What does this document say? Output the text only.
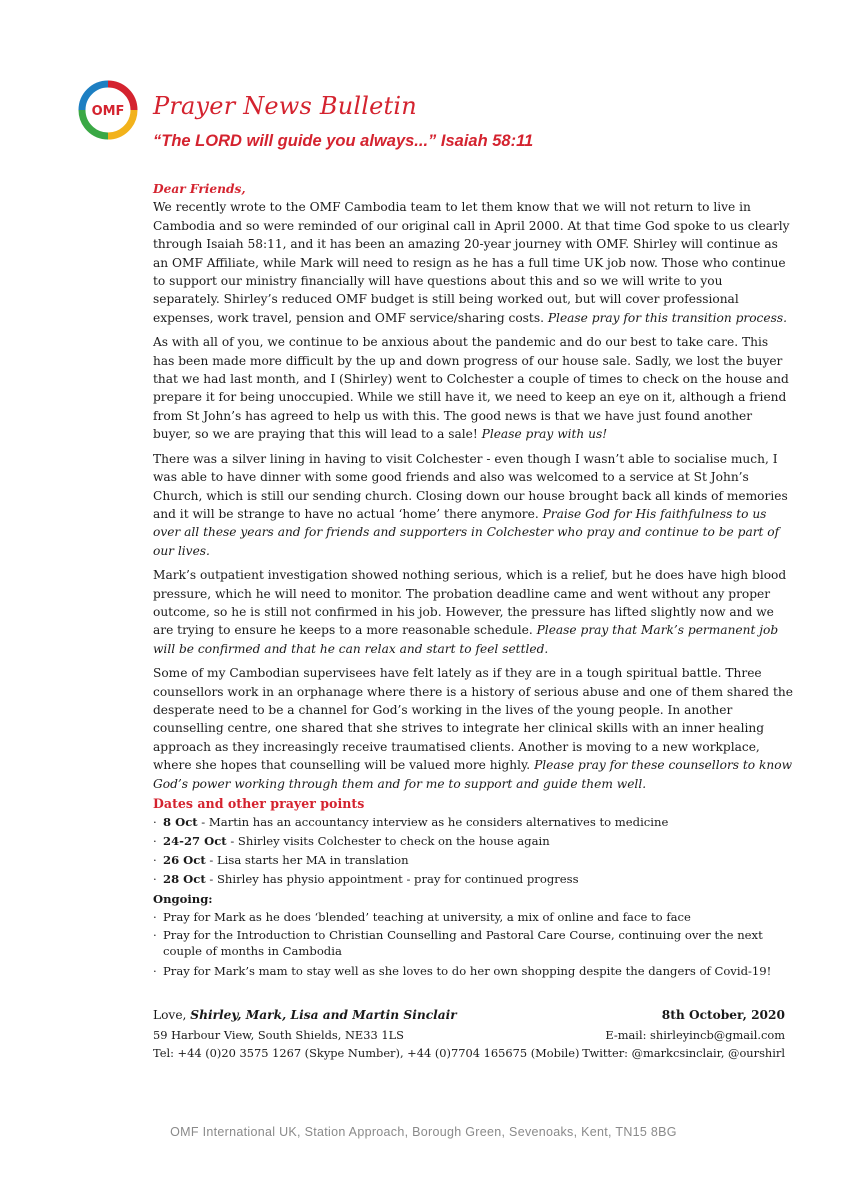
OMF Prayer News Bulletin
“The LORD will guide you always...” Isaiah 58:11

Dear Friends,

We recently wrote to the OMF Cambodia team to let them know that we will not return to live in Cambodia and so were reminded of our original call in April 2000. At that time God spoke to us clearly through Isaiah 58:11, and it has been an amazing 20-year journey with OMF. Shirley will continue as an OMF Affiliate, while Mark will need to resign as he has a full time UK job now. Those who continue to support our ministry financially will have questions about this and so we will write to you separately. Shirley’s reduced OMF budget is still being worked out, but will cover professional expenses, work travel, pension and OMF service/sharing costs. Please pray for this transition process.

As with all of you, we continue to be anxious about the pandemic and do our best to take care. This has been made more difficult by the up and down progress of our house sale. Sadly, we lost the buyer that we had last month, and I (Shirley) went to Colchester a couple of times to check on the house and prepare it for being unoccupied. While we still have it, we need to keep an eye on it, although a friend from St John’s has agreed to help us with this. The good news is that we have just found another buyer, so we are praying that this will lead to a sale! Please pray with us!

There was a silver lining in having to visit Colchester - even though I wasn’t able to socialise much, I was able to have dinner with some good friends and also was welcomed to a service at St John’s Church, which is still our sending church. Closing down our house brought back all kinds of memories and it will be strange to have no actual ‘home’ there anymore. Praise God for His faithfulness to us over all these years and for friends and supporters in Colchester who pray and continue to be part of our lives.

Mark’s outpatient investigation showed nothing serious, which is a relief, but he does have high blood pressure, which he will need to monitor. The probation deadline came and went without any proper outcome, so he is still not confirmed in his job. However, the pressure has lifted slightly now and we are trying to ensure he keeps to a more reasonable schedule. Please pray that Mark’s permanent job will be confirmed and that he can relax and start to feel settled.

Some of my Cambodian supervisees have felt lately as if they are in a tough spiritual battle. Three counsellors work in an orphanage where there is a history of serious abuse and one of them shared the desperate need to be a channel for God’s working in the lives of the young people. In another counselling centre, one shared that she strives to integrate her clinical skills with an inner healing approach as they increasingly receive traumatised clients. Another is moving to a new workplace, where she hopes that counselling will be valued more highly. Please pray for these counsellors to know God’s power working through them and for me to support and guide them well.

Dates and other prayer points

· 8 Oct - Martin has an accountancy interview as he considers alternatives to medicine
· 24-27 Oct - Shirley visits Colchester to check on the house again
· 26 Oct - Lisa starts her MA in translation
· 28 Oct - Shirley has physio appointment - pray for continued progress

Ongoing:

· Pray for Mark as he does ‘blended’ teaching at university, a mix of online and face to face
· Pray for the Introduction to Christian Counselling and Pastoral Care Course, continuing over the next couple of months in Cambodia
· Pray for Mark’s mam to stay well as she loves to do her own shopping despite the dangers of Covid-19!
Love, Shirley, Mark, Lisa and Martin Sinclair	8th October, 2020
59 Harbour View, South Shields, NE33 1LS	E-mail: shirleyincb@gmail.com
Tel: +44 (0)20 3575 1267 (Skype Number), +44 (0)7704 165675 (Mobile) Twitter: @markcsinclair, @ourshirl
OMF International UK, Station Approach, Borough Green, Sevenoaks, Kent, TN15 8BG
